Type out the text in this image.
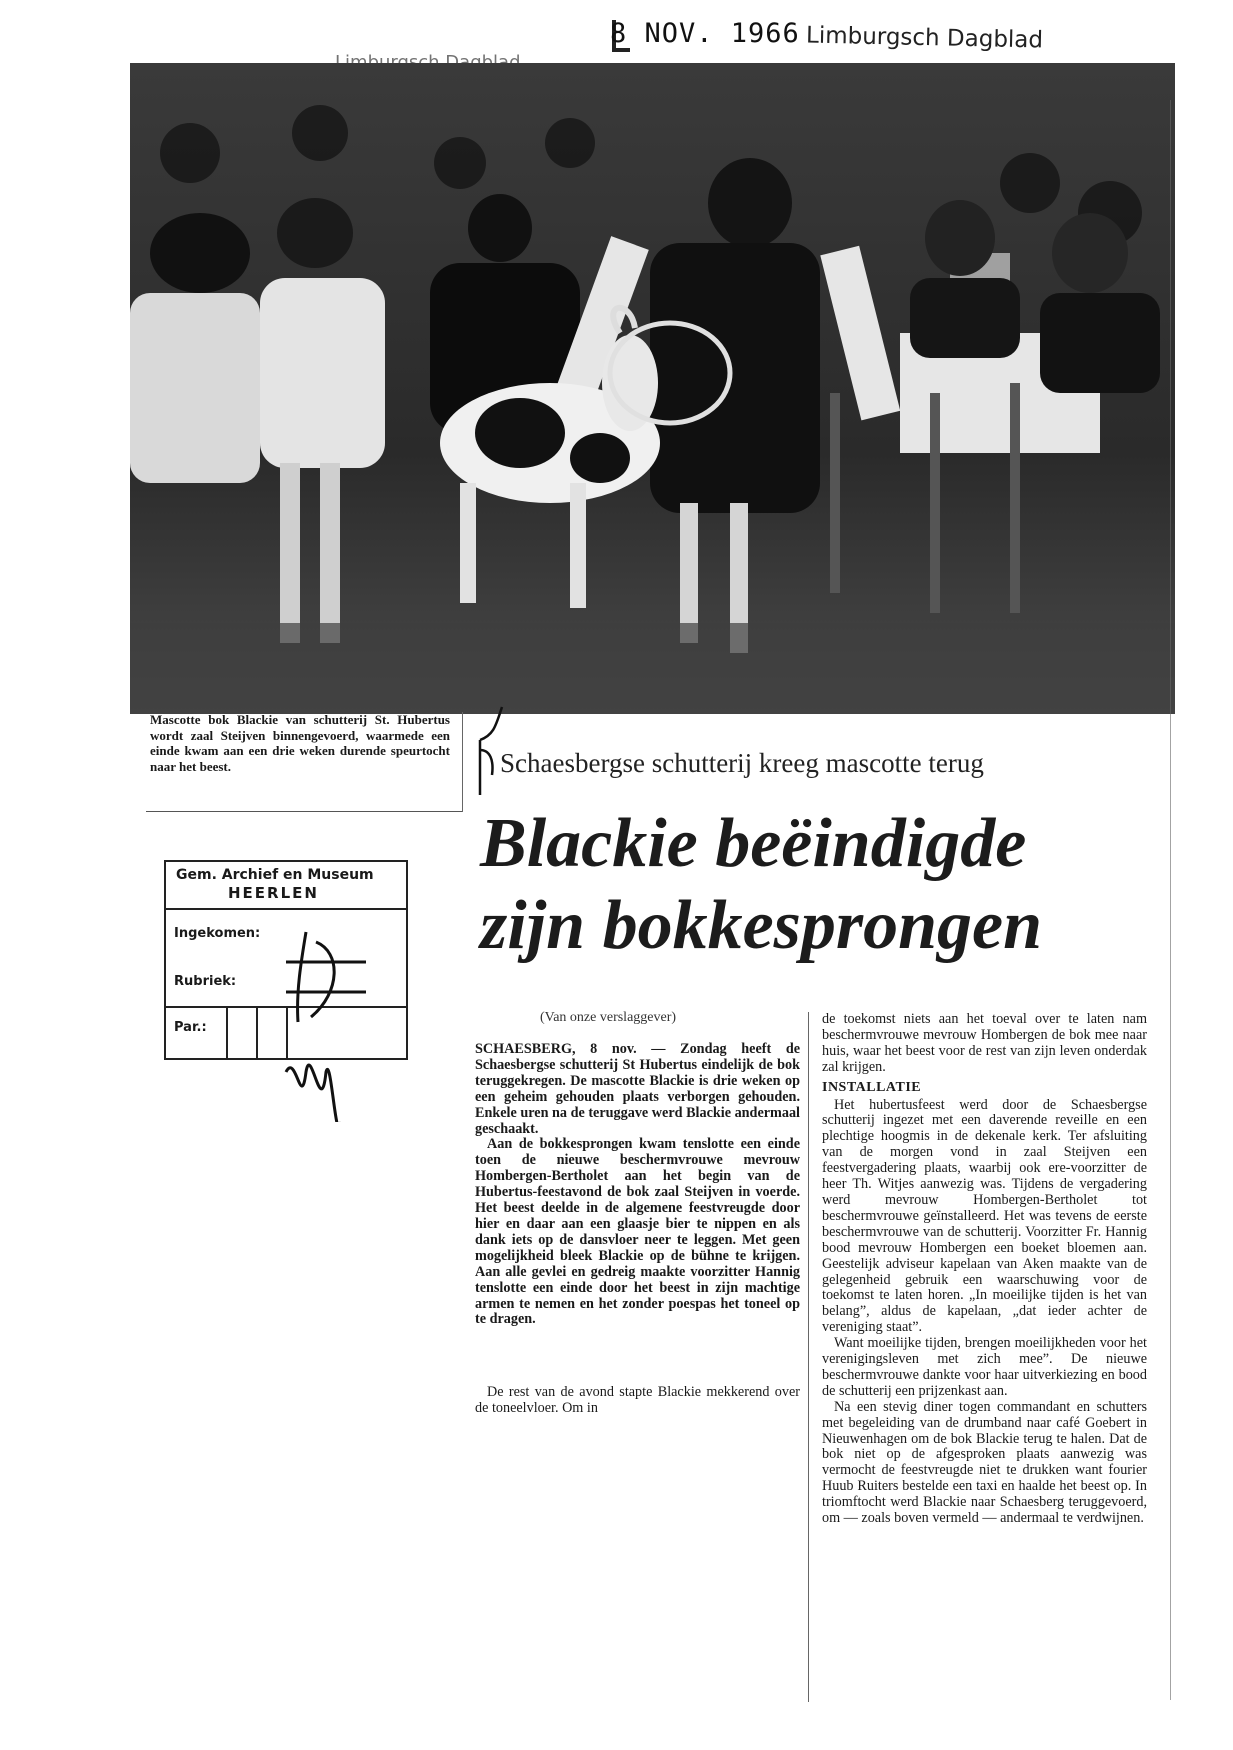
8 NOV. 1966 Limburgsch Dagblad
Mascotte bok Blackie van schutterij St. Hubertus wordt zaal Steijven binnengevoerd, waarmede een einde kwam aan een drie weken durende speurtocht naar het beest.
Gem. Archief en Museum
HEERLEN
Ingekomen:
Rubriek:
Par.:
Schaesbergse schutterij kreeg mascotte terug
Blackie beëindigde
zijn bokkesprongen
(Van onze verslaggever)

SCHAESBERG, 8 nov. — Zondag heeft de Schaesbergse schutterij St Hubertus eindelijk de bok teruggekregen. De mascotte Blackie is drie weken op een geheim gehouden plaats verborgen gehouden. Enkele uren na de teruggave werd Blackie andermaal geschaakt.

Aan de bokkesprongen kwam tenslotte een einde toen de nieuwe beschermvrouwe mevrouw Hombergen-Bertholet aan het begin van de Hubertus-feestavond de bok zaal Steijven in voerde. Het beest deelde in de algemene feestvreugde door hier en daar aan een glaasje bier te nippen en als dank iets op de dansvloer neer te leggen. Met geen mogelijkheid bleek Blackie op de bühne te krijgen. Aan alle gevlei en gedreig maakte voorzitter Hannig tenslotte een einde door het beest in zijn machtige armen te nemen en het zonder poespas het toneel op te dragen.

De rest van de avond stapte Blackie mekkerend over de toneelvloer. Om in

de toekomst niets aan het toeval over te laten nam beschermvrouwe mevrouw Hombergen de bok mee naar huis, waar het beest voor de rest van zijn leven onderdak zal krijgen.

INSTALLATIE

Het hubertusfeest werd door de Schaesbergse schutterij ingezet met een daverende reveille en een plechtige hoogmis in de dekenale kerk. Ter afsluiting van de morgen vond in zaal Steijven een feestvergadering plaats, waarbij ook ere-voorzitter de heer Th. Witjes aanwezig was. Tijdens de vergadering werd mevrouw Hombergen-Bertholet tot beschermvrouwe geïnstalleerd. Het was tevens de eerste beschermvrouwe van de schutterij. Voorzitter Fr. Hannig bood mevrouw Hombergen een boeket bloemen aan. Geestelijk adviseur kapelaan van Aken maakte van de gelegenheid gebruik een waarschuwing voor de toekomst te laten horen. „In moeilijke tijden is het van belang”, aldus de kapelaan, „dat ieder achter de vereniging staat”.

Want moeilijke tijden, brengen moeilijkheden voor het verenigingsleven met zich mee”. De nieuwe beschermvrouwe dankte voor haar uitverkiezing en bood de schutterij een prijzenkast aan.

Na een stevig diner togen commandant en schutters met begeleiding van de drumband naar café Goebert in Nieuwenhagen om de bok Blackie terug te halen. Dat de bok niet op de afgesproken plaats aanwezig was vermocht de feestvreugde niet te drukken want fourier Huub Ruiters bestelde een taxi en haalde het beest op. In triomftocht werd Blackie naar Schaesberg teruggevoerd, om — zoals boven vermeld — andermaal te verdwijnen.
